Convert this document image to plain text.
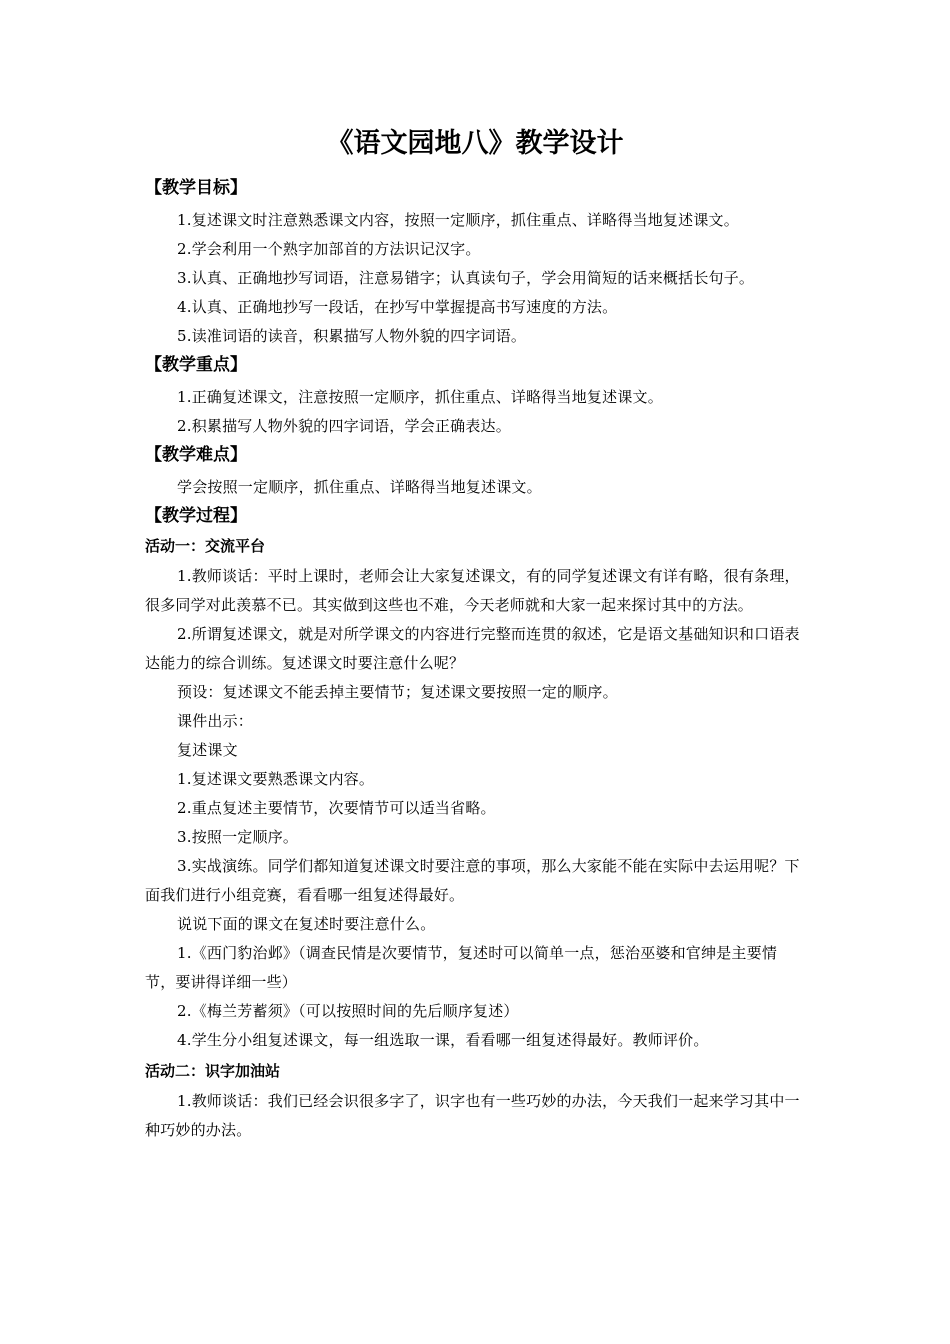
《语文园地八》教学设计
【教学目标】

1.复述课文时注意熟悉课文内容，按照一定顺序，抓住重点、详略得当地复述课文。

2.学会利用一个熟字加部首的方法识记汉字。

3.认真、正确地抄写词语，注意易错字；认真读句子，学会用简短的话来概括长句子。

4.认真、正确地抄写一段话，在抄写中掌握提高书写速度的方法。

5.读准词语的读音，积累描写人物外貌的四字词语。

【教学重点】

1.正确复述课文，注意按照一定顺序，抓住重点、详略得当地复述课文。

2.积累描写人物外貌的四字词语，学会正确表达。

【教学难点】

学会按照一定顺序，抓住重点、详略得当地复述课文。

【教学过程】
活动一：交流平台

1.教师谈话：平时上课时，老师会让大家复述课文，有的同学复述课文有详有略，很有条理，很多同学对此羡慕不已。其实做到这些也不难，今天老师就和大家一起来探讨其中的方法。

2.所谓复述课文，就是对所学课文的内容进行完整而连贯的叙述，它是语文基础知识和口语表达能力的综合训练。复述课文时要注意什么呢？

预设：复述课文不能丢掉主要情节；复述课文要按照一定的顺序。

课件出示：

复述课文

1.复述课文要熟悉课文内容。

2.重点复述主要情节，次要情节可以适当省略。

3.按照一定顺序。

3.实战演练。同学们都知道复述课文时要注意的事项，那么大家能不能在实际中去运用呢？下面我们进行小组竞赛，看看哪一组复述得最好。

说说下面的课文在复述时要注意什么。

1.《西门豹治邺》（调查民情是次要情节，复述时可以简单一点，惩治巫婆和官绅是主要情节，要讲得详细一些）

2.《梅兰芳蓄须》（可以按照时间的先后顺序复述）

4.学生分小组复述课文，每一组选取一课，看看哪一组复述得最好。教师评价。

活动二：识字加油站

1.教师谈话：我们已经会识很多字了，识字也有一些巧妙的办法，今天我们一起来学习其中一种巧妙的办法。
